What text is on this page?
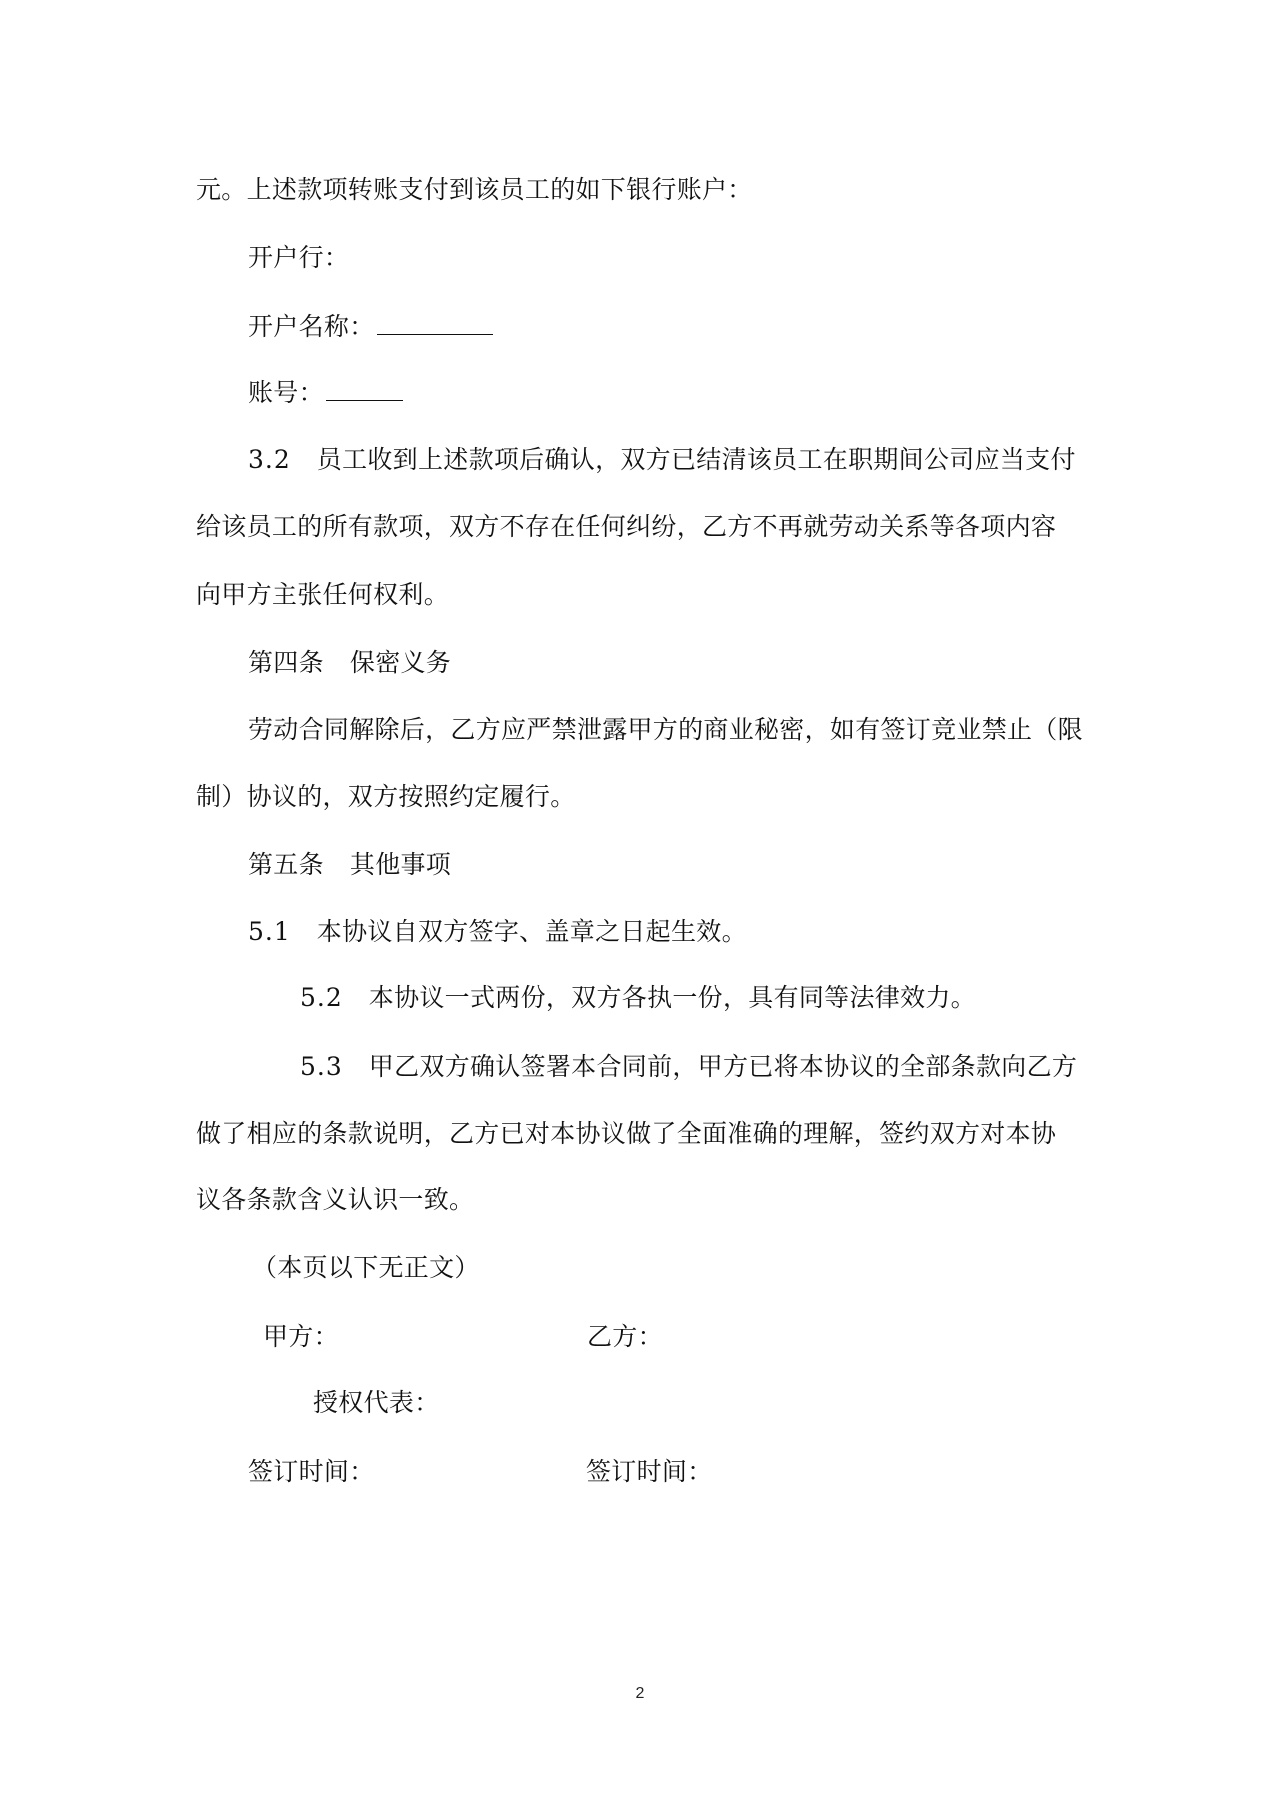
元。上述款项转账支付到该员工的如下银行账户：
开户行：
开户名称：
账号：
3.2 员工收到上述款项后确认，双方已结清该员工在职期间公司应当支付
给该员工的所有款项，双方不存在任何纠纷，乙方不再就劳动关系等各项内容
向甲方主张任何权利。
第四条 保密义务
劳动合同解除后，乙方应严禁泄露甲方的商业秘密，如有签订竞业禁止（限
制）协议的，双方按照约定履行。
第五条 其他事项
5.1 本协议自双方签字、盖章之日起生效。
5.2 本协议一式两份，双方各执一份，具有同等法律效力。
5.3 甲乙双方确认签署本合同前，甲方已将本协议的全部条款向乙方
做了相应的条款说明，乙方已对本协议做了全面准确的理解，签约双方对本协
议各条款含义认识一致。
（本页以下无正文）
甲方：	乙方：
授权代表：
签订时间：	签订时间：
2
